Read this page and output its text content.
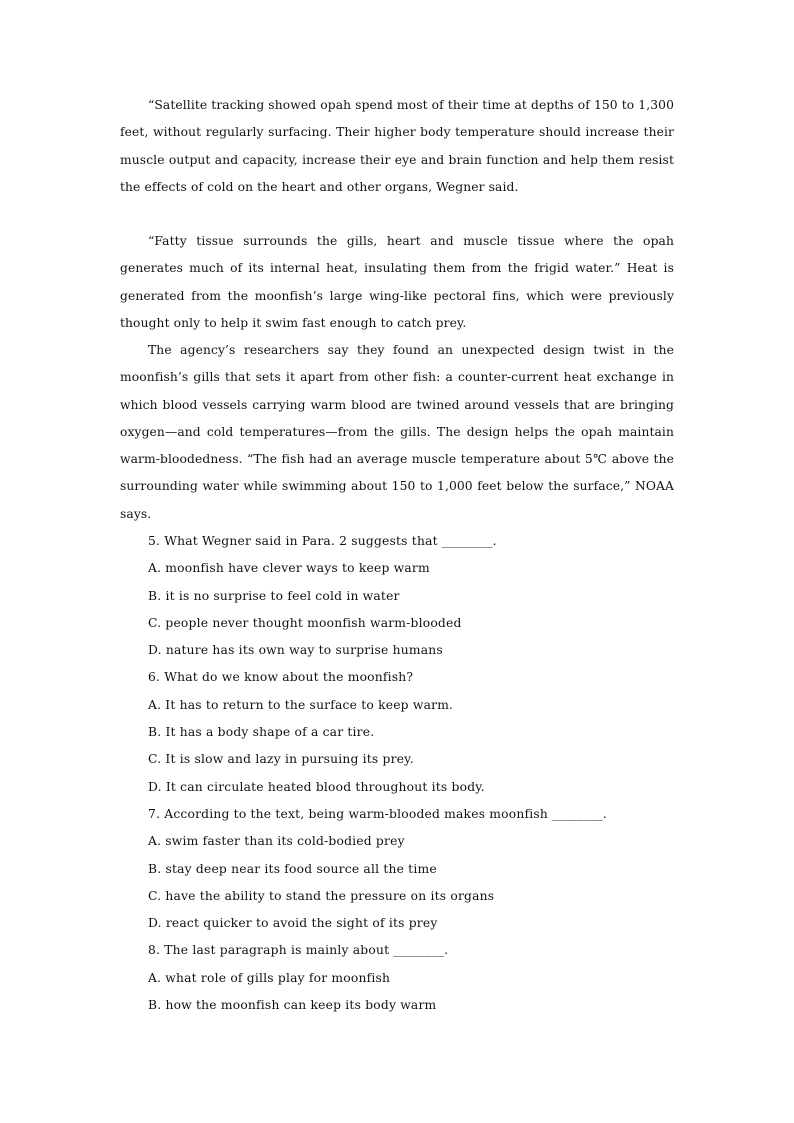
“Satellite tracking showed opah spend most of their time at depths of 150 to 1,300 feet, without regularly surfacing. Their higher body temperature should increase their muscle output and capacity, increase their eye and brain function and help them resist the effects of cold on the heart and other organs, Wegner said.

“Fatty tissue surrounds the gills, heart and muscle tissue where the opah generates much of its internal heat, insulating them from the frigid water.” Heat is generated from the moonfish’s large wing-like pectoral fins, which were previously thought only to help it swim fast enough to catch prey.

The agency’s researchers say they found an unexpected design twist in the moonfish’s gills that sets it apart from other fish: a counter-current heat exchange in which blood vessels carrying warm blood are twined around vessels that are bringing oxygen—and cold temperatures—from the gills. The design helps the opah maintain warm-bloodedness. “The fish had an average muscle temperature about 5℃ above the surrounding water while swimming about 150 to 1,000 feet below the surface,” NOAA says.

5. What Wegner said in Para. 2 suggests that ________.
A. moonfish have clever ways to keep warm
B. it is no surprise to feel cold in water
C. people never thought moonfish warm-blooded
D. nature has its own way to surprise humans
6. What do we know about the moonfish?
A. It has to return to the surface to keep warm.
B. It has a body shape of a car tire.
C. It is slow and lazy in pursuing its prey.
D. It can circulate heated blood throughout its body.
7. According to the text, being warm-blooded makes moonfish ________.
A. swim faster than its cold-bodied prey
B. stay deep near its food source all the time
C. have the ability to stand the pressure on its organs
D. react quicker to avoid the sight of its prey
8. The last paragraph is mainly about ________.
A. what role of gills play for moonfish
B. how the moonfish can keep its body warm
